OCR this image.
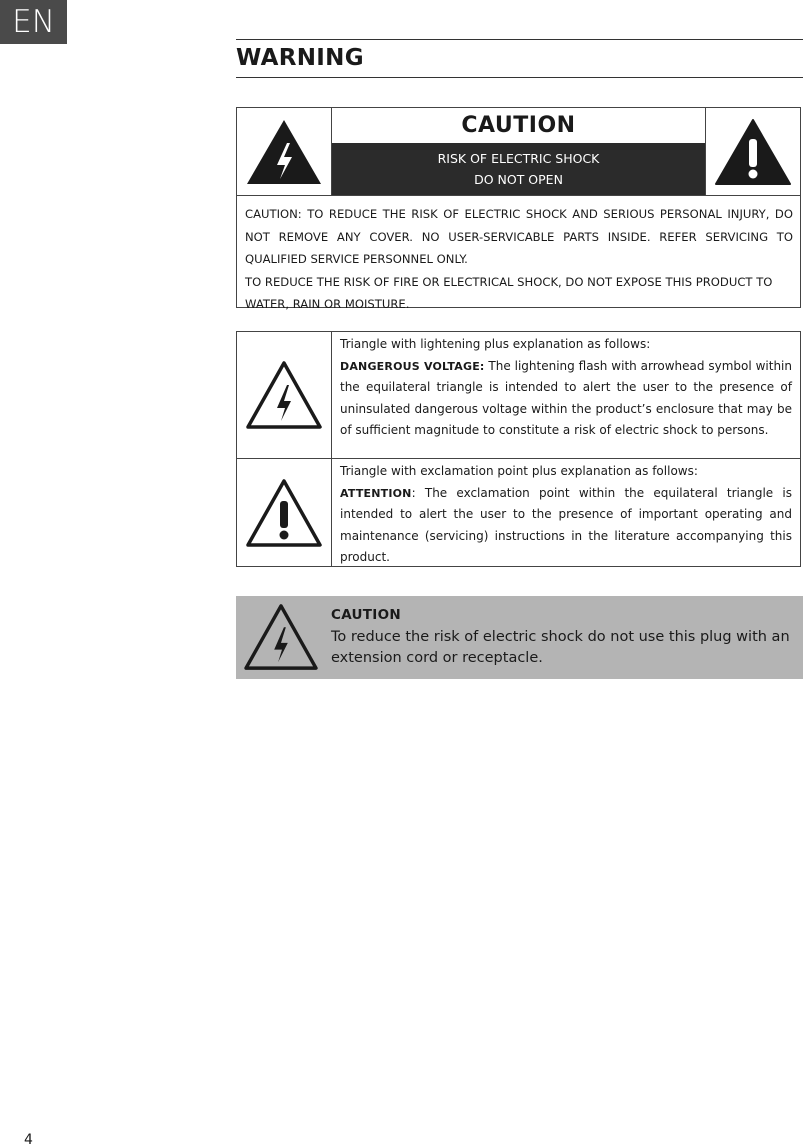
EN
WARNING
CAUTION
RISK OF ELECTRIC SHOCK
DO NOT OPEN

CAUTION: TO REDUCE THE RISK OF ELECTRIC SHOCK AND SERIOUS PERSONAL INJURY, DO NOT REMOVE ANY COVER. NO USER-SERVICABLE PARTS INSIDE. REFER SERVICING TO QUALIFIED SERVICE PERSONNEL ONLY.

TO REDUCE THE RISK OF FIRE OR ELECTRICAL SHOCK, DO NOT EXPOSE THIS PRODUCT TO WATER, RAIN OR MOISTURE.

Triangle with lightening plus explanation as follows:

DANGEROUS VOLTAGE: The lightening flash with arrowhead symbol within the equilateral triangle is intended to alert the user to the presence of uninsulated dangerous voltage within the product’s enclosure that may be of sufficient magnitude to constitute a risk of electric shock to persons.

Triangle with exclamation point plus explanation as follows:

ATTENTION: The exclamation point within the equilateral triangle is intended to alert the user to the presence of important operating and maintenance (servicing) instructions in the literature accompanying this product.

CAUTION
To reduce the risk of electric shock do not use this plug with an extension cord or receptacle.
4
